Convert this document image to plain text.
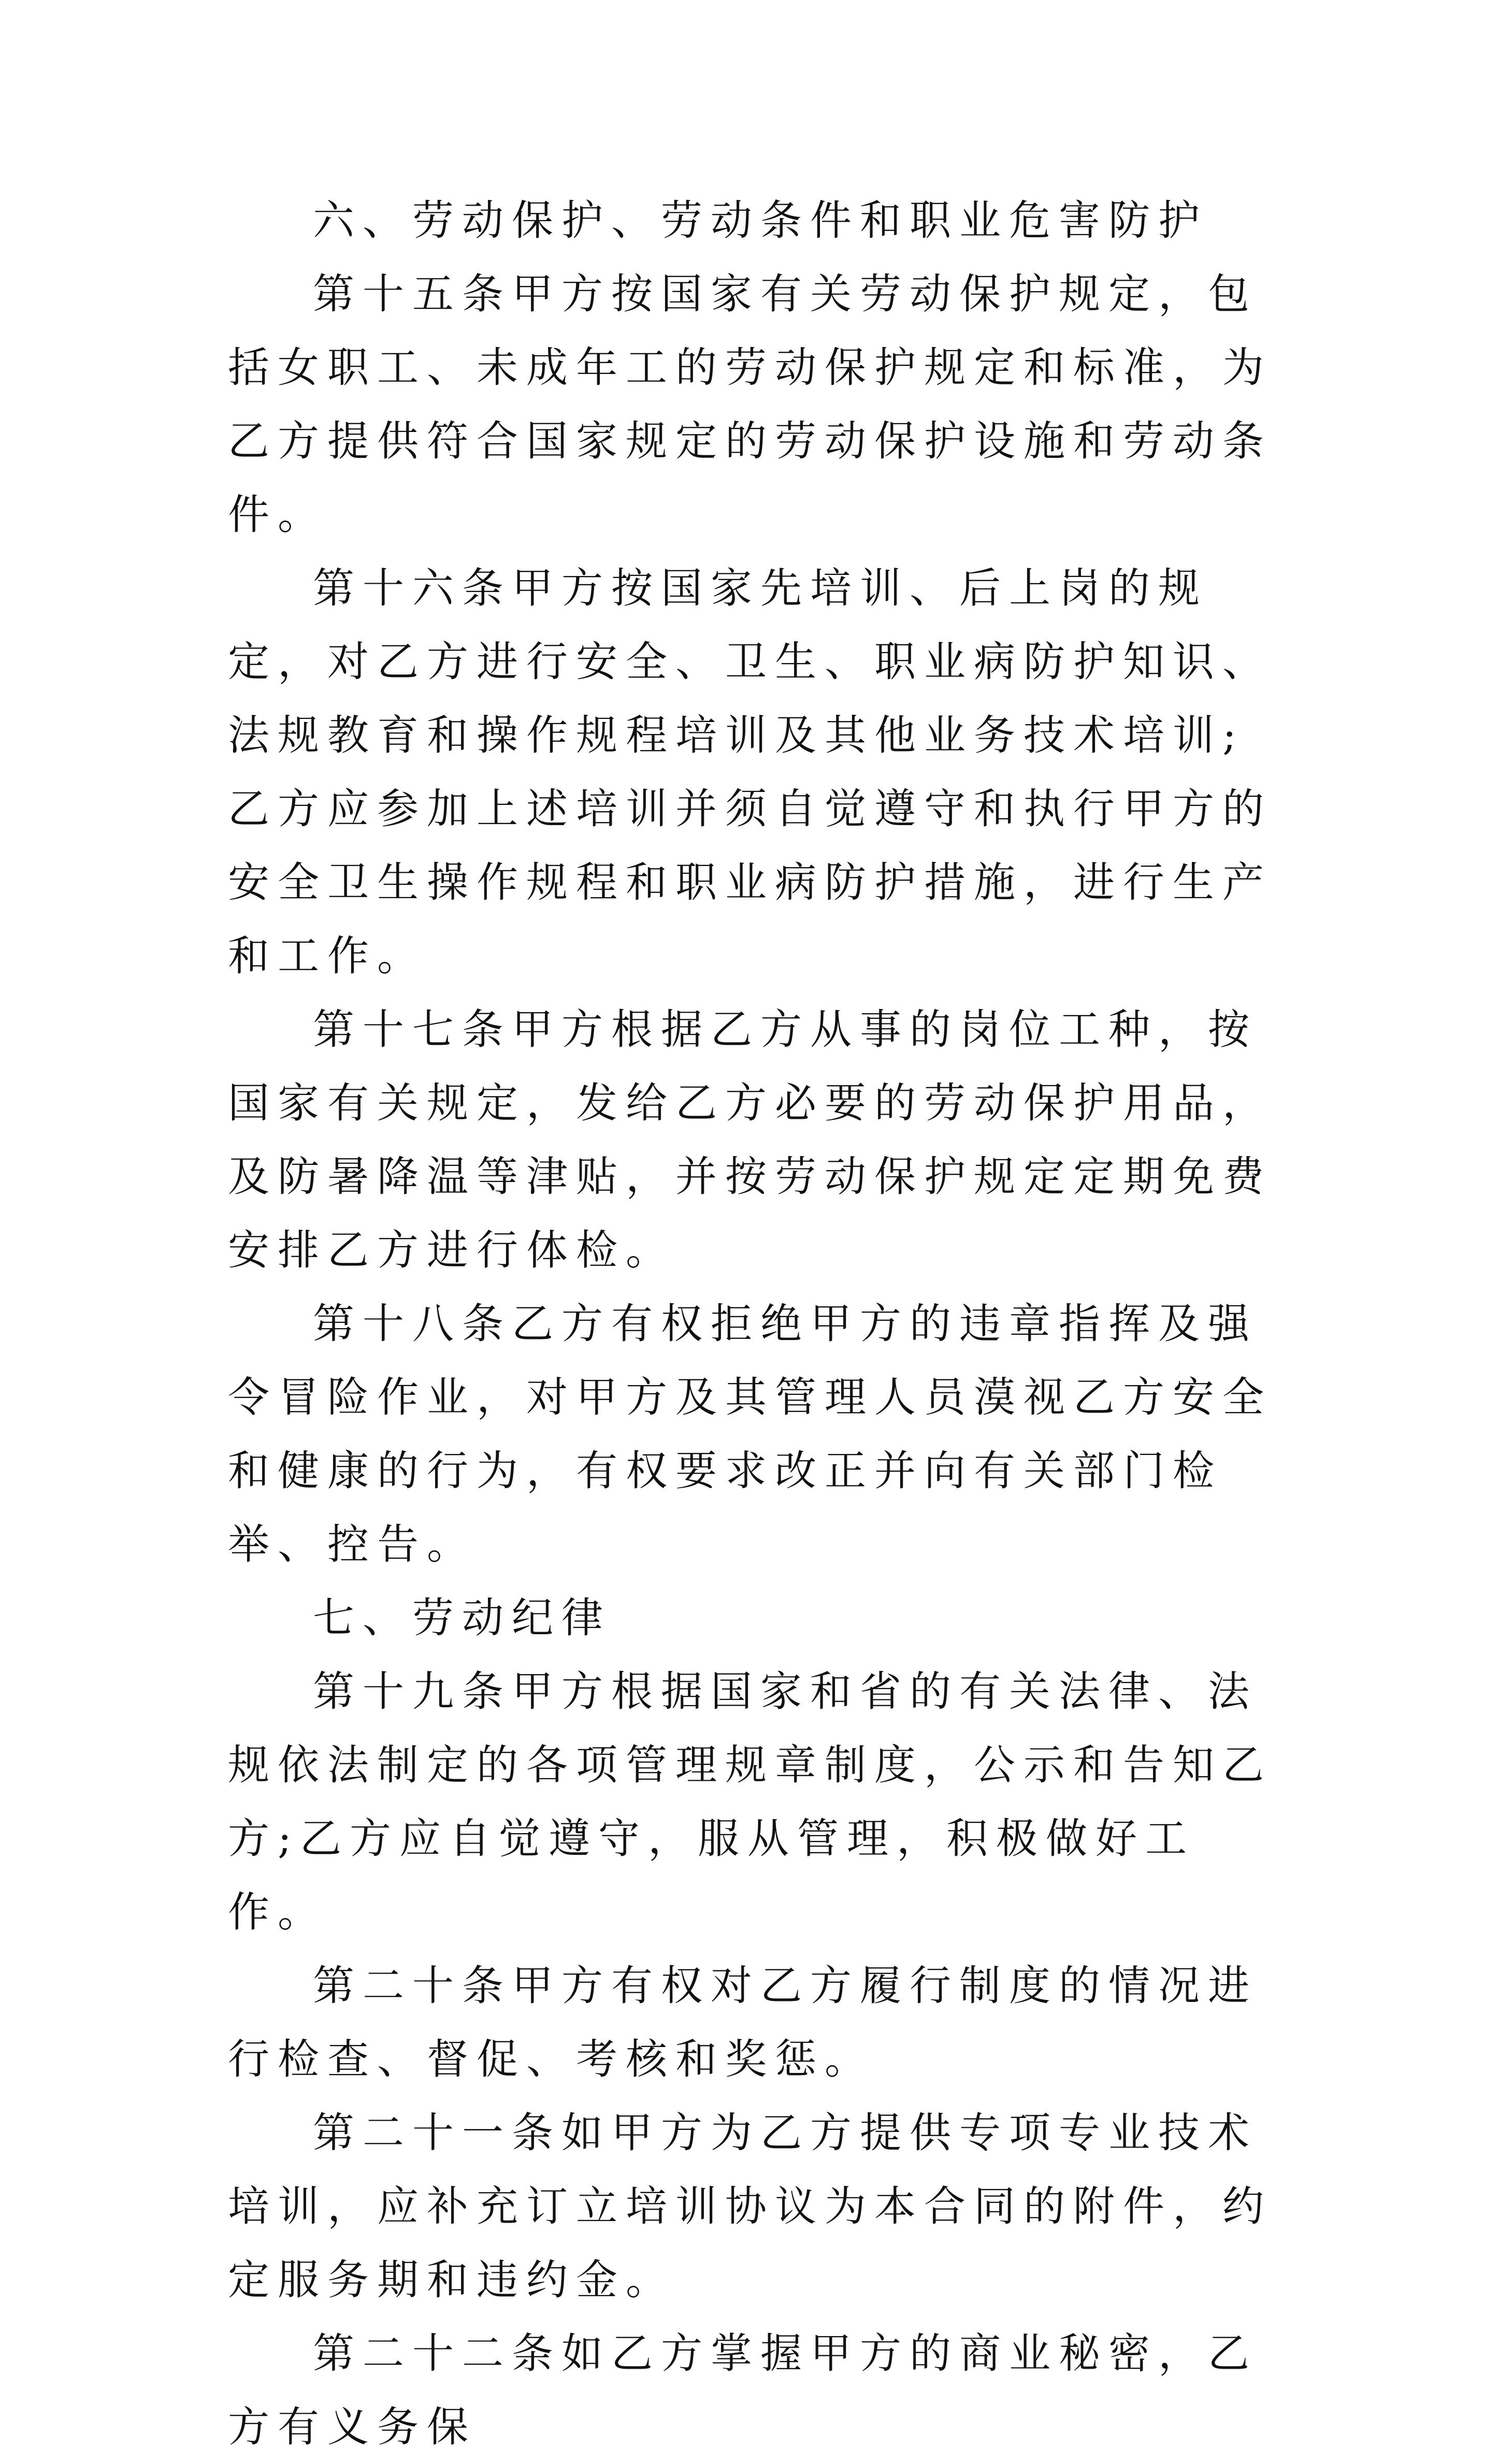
六、劳动保护、劳动条件和职业危害防护

第十五条甲方按国家有关劳动保护规定，包括女职工、未成年工的劳动保护规定和标准，为乙方提供符合国家规定的劳动保护设施和劳动条件。

第十六条甲方按国家先培训、后上岗的规定，对乙方进行安全、卫生、职业病防护知识、法规教育和操作规程培训及其他业务技术培训;乙方应参加上述培训并须自觉遵守和执行甲方的安全卫生操作规程和职业病防护措施，进行生产和工作。

第十七条甲方根据乙方从事的岗位工种，按国家有关规定，发给乙方必要的劳动保护用品，及防暑降温等津贴，并按劳动保护规定定期免费安排乙方进行体检。

第十八条乙方有权拒绝甲方的违章指挥及强令冒险作业，对甲方及其管理人员漠视乙方安全和健康的行为，有权要求改正并向有关部门检举、控告。

七、劳动纪律

第十九条甲方根据国家和省的有关法律、法规依法制定的各项管理规章制度，公示和告知乙方;乙方应自觉遵守，服从管理，积极做好工作。

第二十条甲方有权对乙方履行制度的情况进行检查、督促、考核和奖惩。

第二十一条如甲方为乙方提供专项专业技术培训，应补充订立培训协议为本合同的附件，约定服务期和违约金。

第二十二条如乙方掌握甲方的商业秘密，乙方有义务保
